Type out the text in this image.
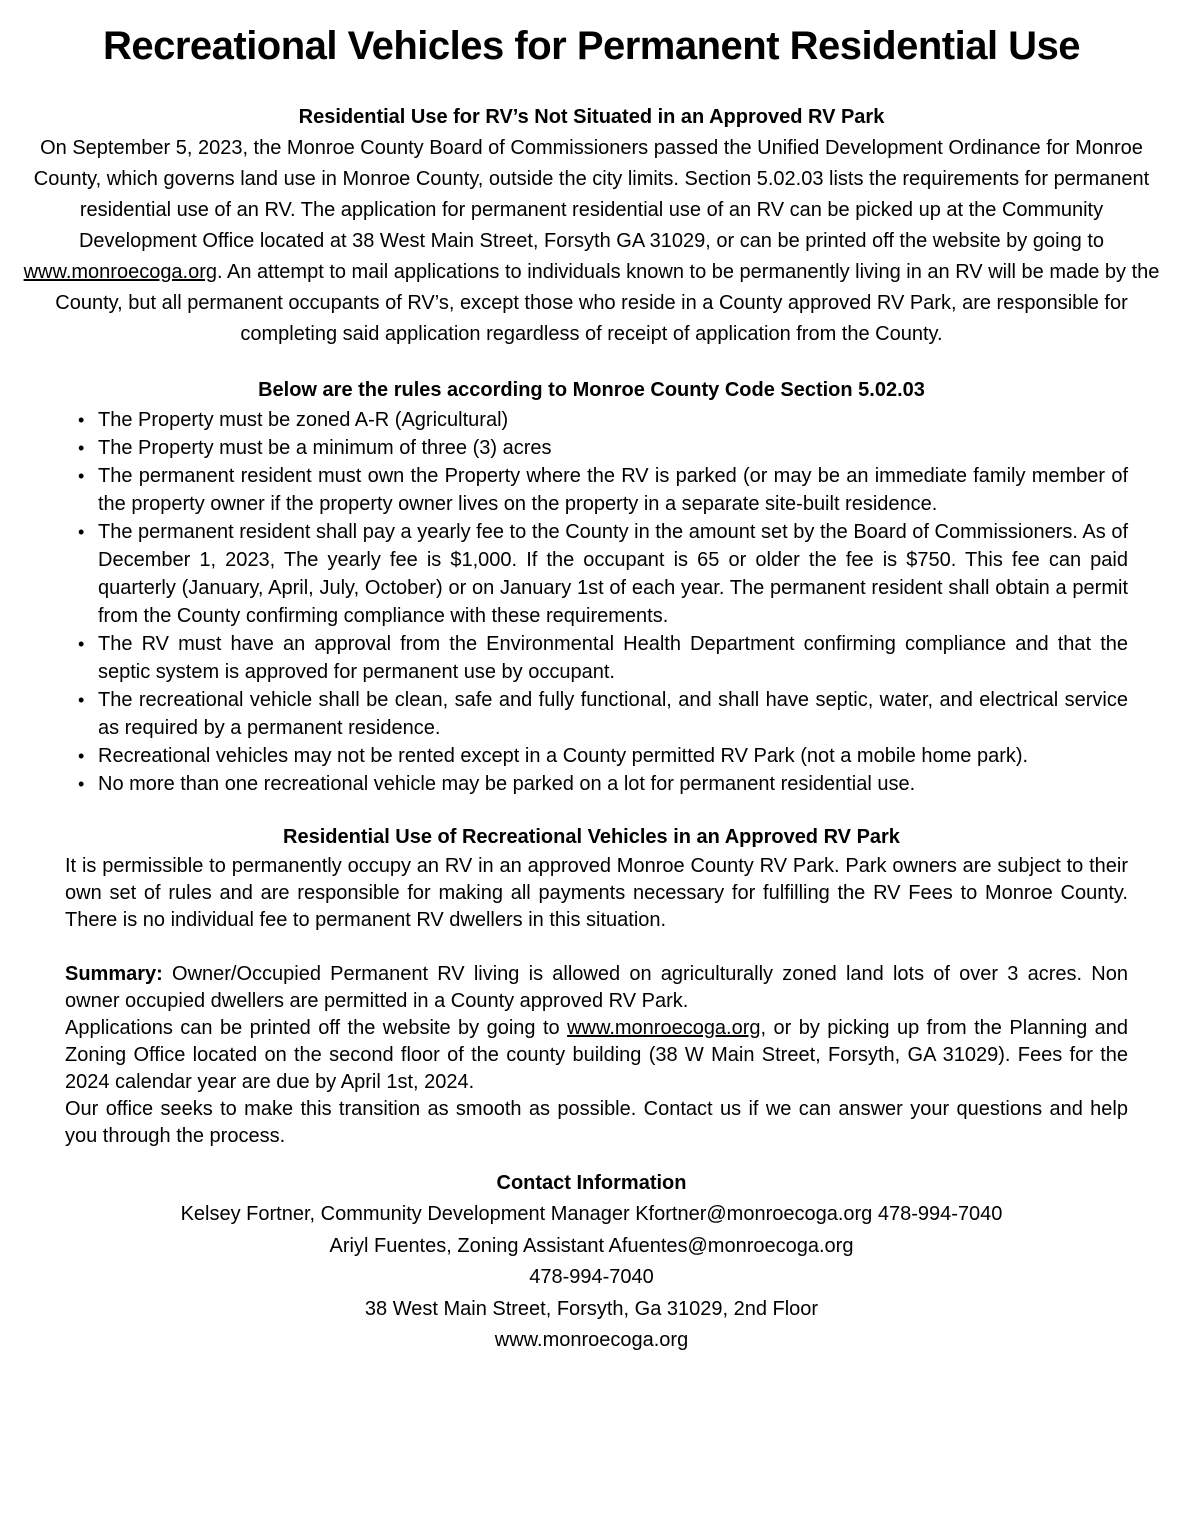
Recreational Vehicles for Permanent Residential Use
Residential Use for RV’s Not Situated in an Approved RV Park

On September 5, 2023, the Monroe County Board of Commissioners passed the Unified Development Ordinance for Monroe County, which governs land use in Monroe County, outside the city limits. Section 5.02.03 lists the requirements for permanent residential use of an RV. The application for permanent residential use of an RV can be picked up at the Community Development Office located at 38 West Main Street, Forsyth GA 31029, or can be printed off the website by going to www.monroecoga.org. An attempt to mail applications to individuals known to be permanently living in an RV will be made by the County, but all permanent occupants of RV’s, except those who reside in a County approved RV Park, are responsible for completing said application regardless of receipt of application from the County.

Below are the rules according to Monroe County Code Section 5.02.03
• The Property must be zoned A-R (Agricultural)
• The Property must be a minimum of three (3) acres
• The permanent resident must own the Property where the RV is parked (or may be an immediate family member of the property owner if the property owner lives on the property in a separate site-built residence.
• The permanent resident shall pay a yearly fee to the County in the amount set by the Board of Commissioners. As of December 1, 2023, The yearly fee is $1,000. If the occupant is 65 or older the fee is $750. This fee can paid quarterly (January, April, July, October) or on January 1st of each year. The permanent resident shall obtain a permit from the County confirming compliance with these requirements.
• The RV must have an approval from the Environmental Health Department confirming compliance and that the septic system is approved for permanent use by occupant.
• The recreational vehicle shall be clean, safe and fully functional, and shall have septic, water, and electrical service as required by a permanent residence.
• Recreational vehicles may not be rented except in a County permitted RV Park (not a mobile home park).
• No more than one recreational vehicle may be parked on a lot for permanent residential use.
Residential Use of Recreational Vehicles in an Approved RV Park

It is permissible to permanently occupy an RV in an approved Monroe County RV Park. Park owners are subject to their own set of rules and are responsible for making all payments necessary for fulfilling the RV Fees to Monroe County. There is no individual fee to permanent RV dwellers in this situation.

Summary: Owner/Occupied Permanent RV living is allowed on agriculturally zoned land lots of over 3 acres. Non owner occupied dwellers are permitted in a County approved RV Park.

Applications can be printed off the website by going to www.monroecoga.org, or by picking up from the Planning and Zoning Office located on the second floor of the county building (38 W Main Street, Forsyth, GA 31029). Fees for the 2024 calendar year are due by April 1st, 2024.

Our office seeks to make this transition as smooth as possible. Contact us if we can answer your questions and help you through the process.

Contact Information

Kelsey Fortner, Community Development Manager Kfortner@monroecoga.org 478-994-7040

Ariyl Fuentes, Zoning Assistant Afuentes@monroecoga.org

478-994-7040

38 West Main Street, Forsyth, Ga 31029, 2nd Floor

www.monroecoga.org
